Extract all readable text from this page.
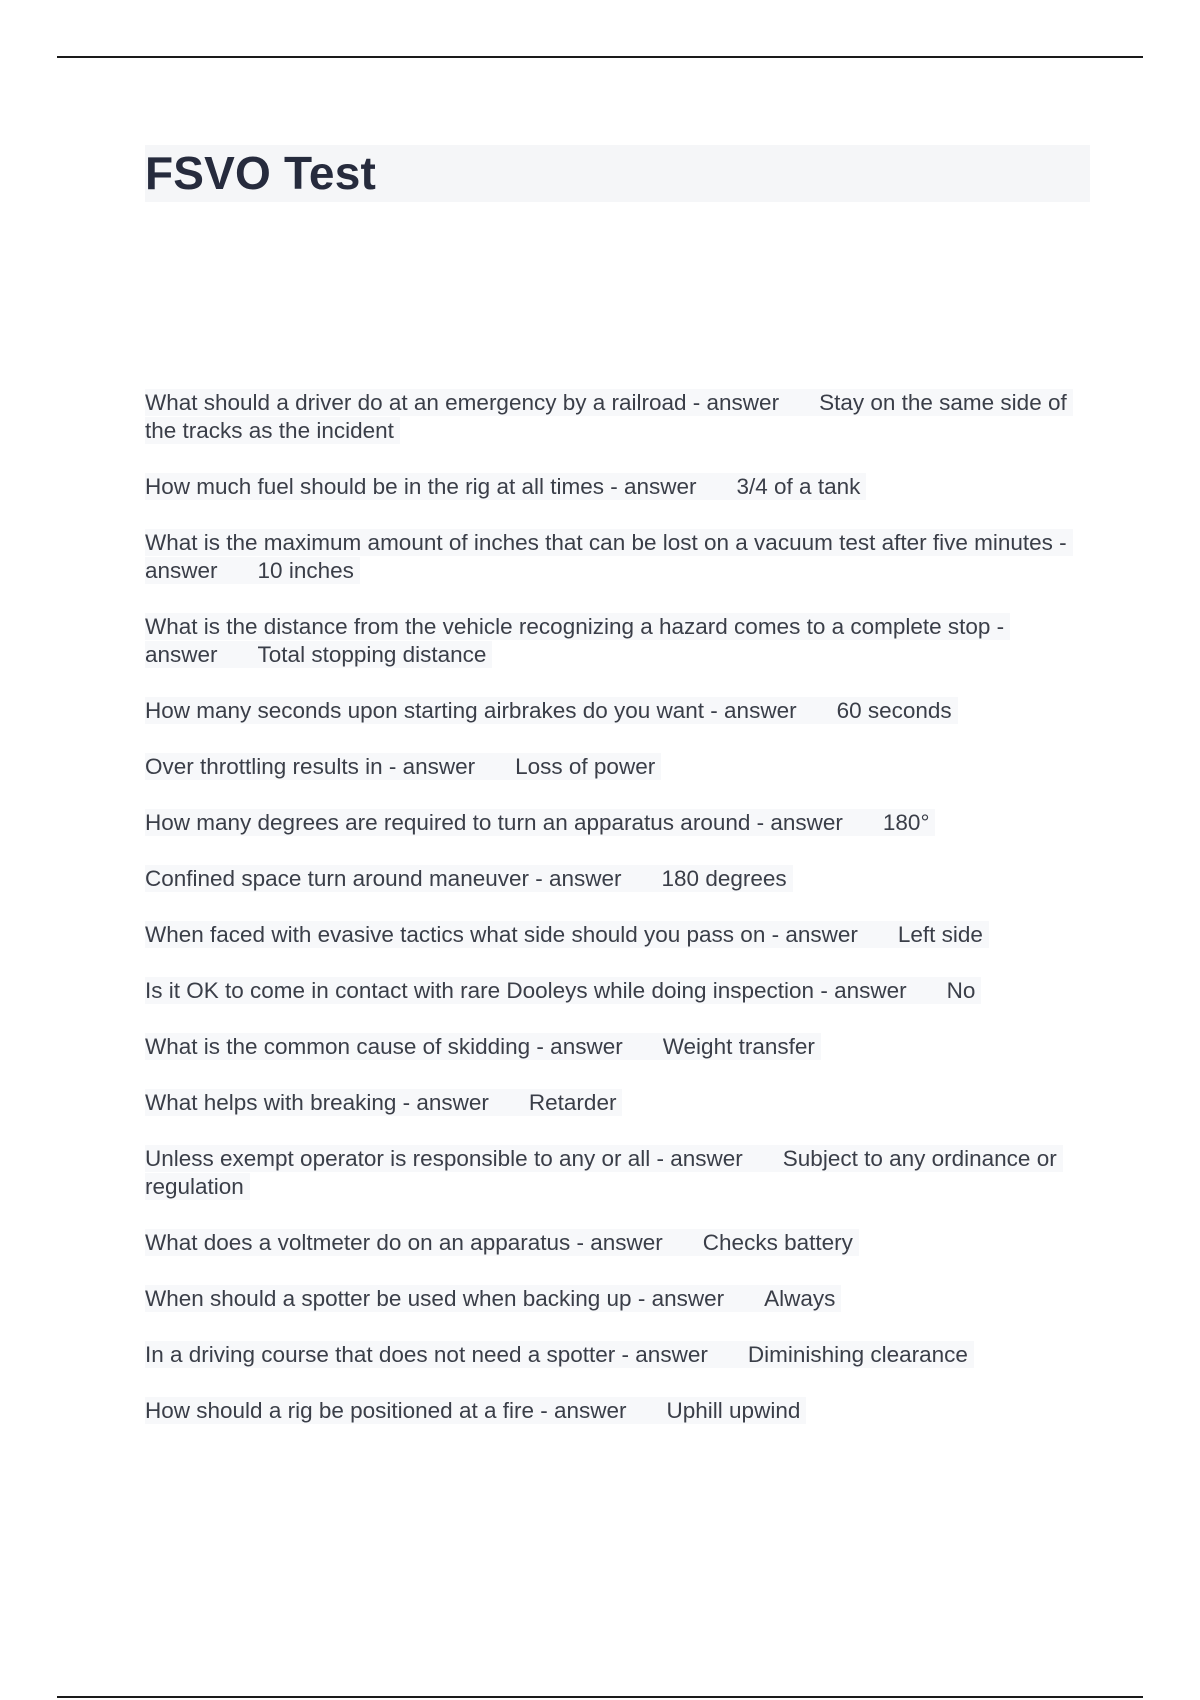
FSVO Test

What should a driver do at an emergency by a railroad - answer Stay on the same side of the tracks as the incident

How much fuel should be in the rig at all times - answer 3/4 of a tank

What is the maximum amount of inches that can be lost on a vacuum test after five minutes - answer 10 inches

What is the distance from the vehicle recognizing a hazard comes to a complete stop - answer Total stopping distance

How many seconds upon starting airbrakes do you want - answer 60 seconds

Over throttling results in - answer Loss of power

How many degrees are required to turn an apparatus around - answer 180°

Confined space turn around maneuver - answer 180 degrees

When faced with evasive tactics what side should you pass on - answer Left side

Is it OK to come in contact with rare Dooleys while doing inspection - answer No

What is the common cause of skidding - answer Weight transfer

What helps with breaking - answer Retarder

Unless exempt operator is responsible to any or all - answer Subject to any ordinance or regulation

What does a voltmeter do on an apparatus - answer Checks battery

When should a spotter be used when backing up - answer Always

In a driving course that does not need a spotter - answer Diminishing clearance

How should a rig be positioned at a fire - answer Uphill upwind
